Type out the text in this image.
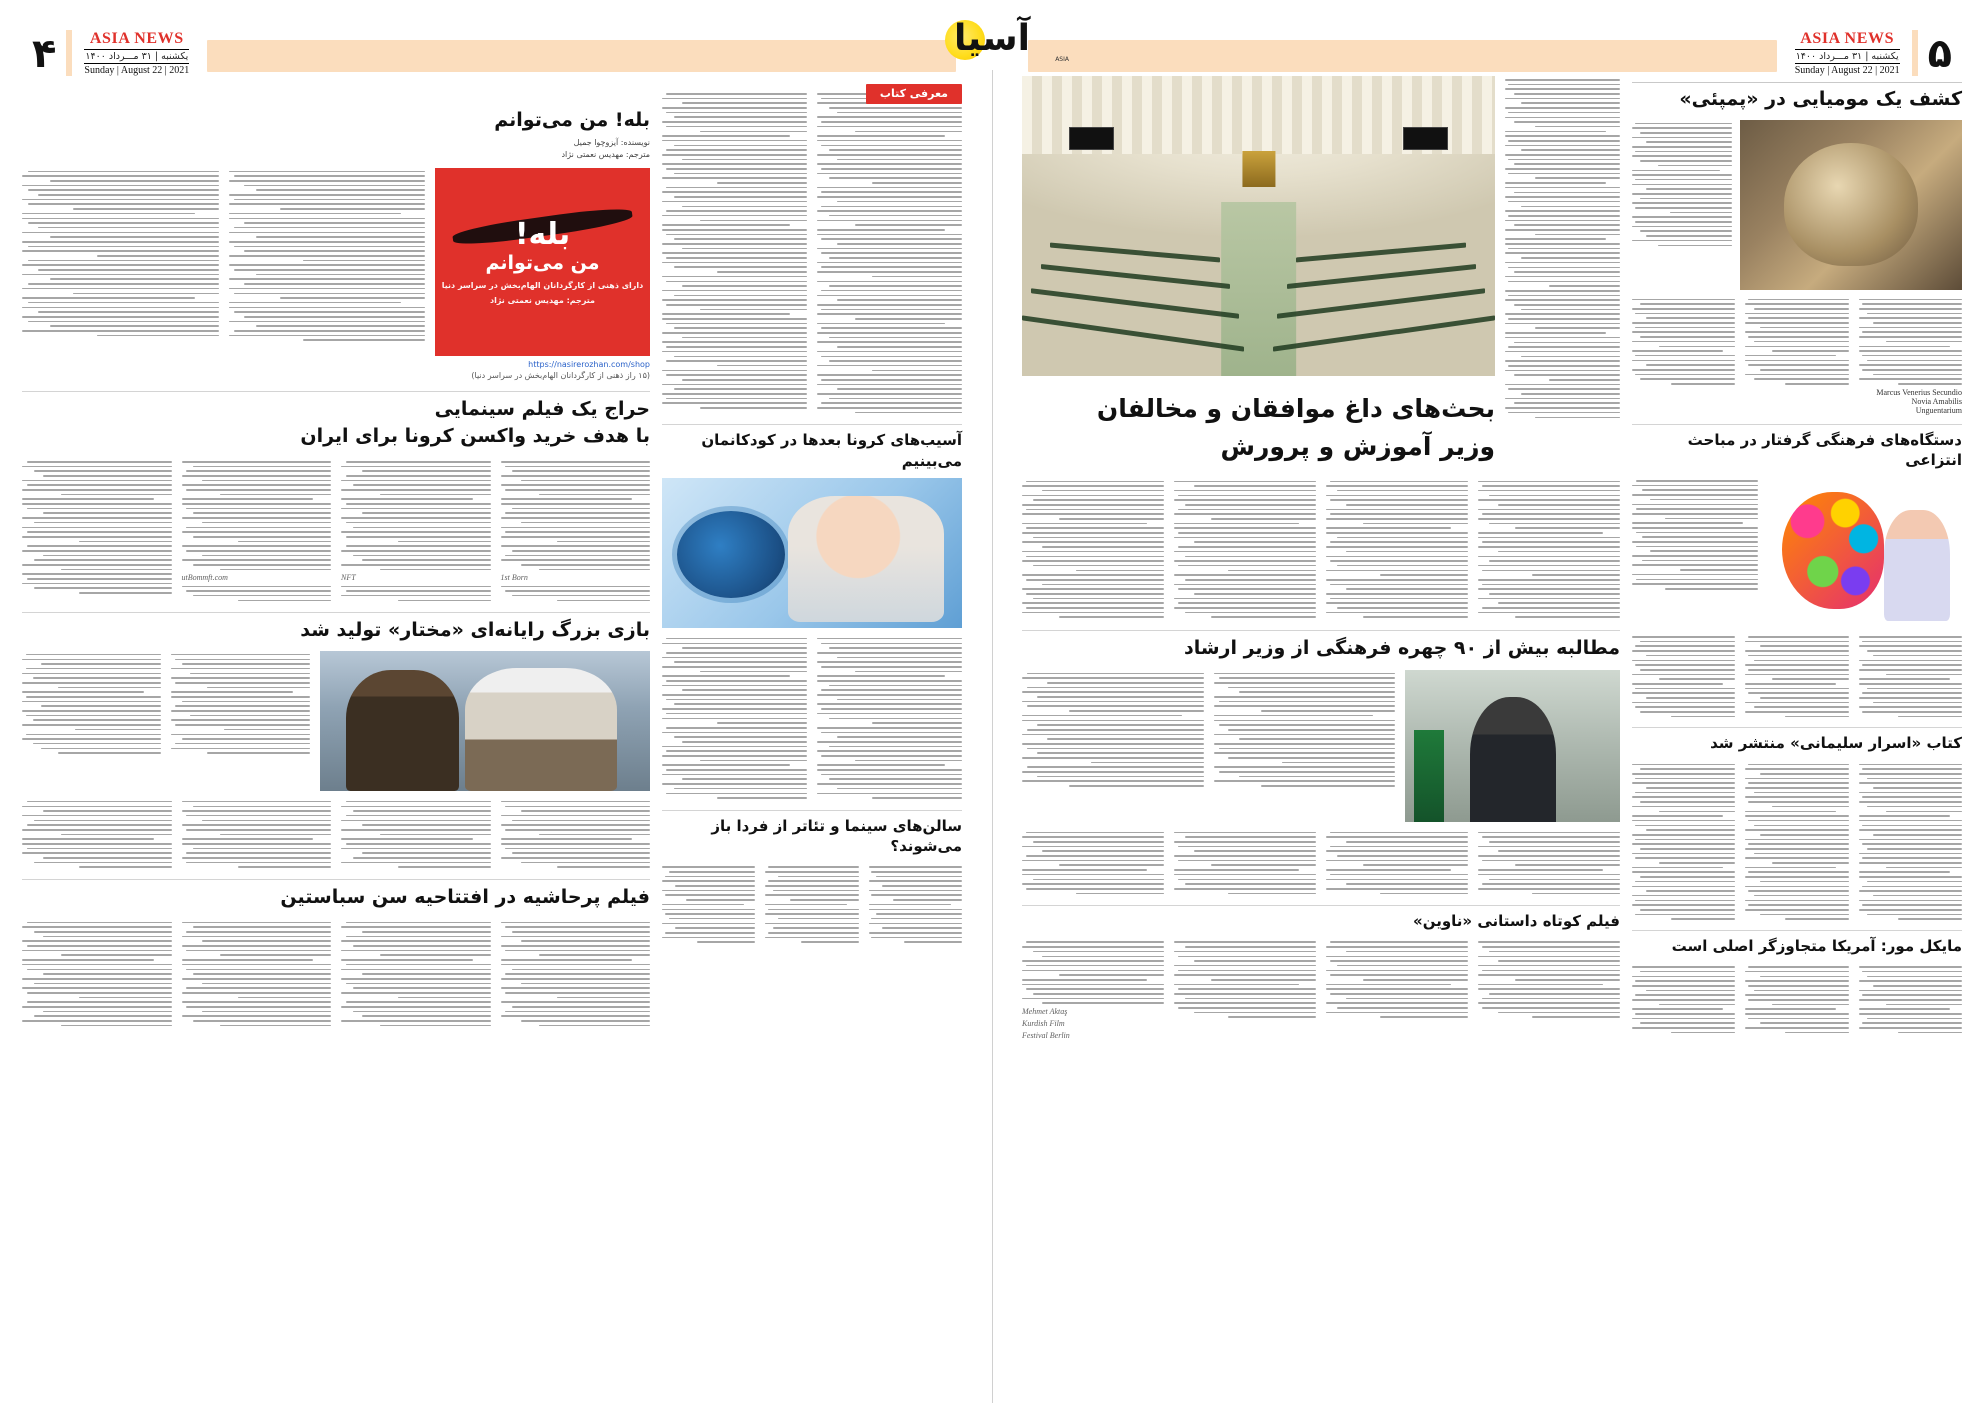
۵
ASIA NEWS
یکشنبه | ۳۱ مـــرداد ۱۴۰۰
Sunday | August 22 | 2021
کشف یک مومیایی در «پمپئی»
Marcus Venerius Secundio
Novia Amabilis
Unguentarium
دستگاه‌های فرهنگی گرفتار در مباحث انتزاعی
کتاب «اسرار سلیمانی» منتشر شد
مایکل مور: آمریکا متجاوزگر اصلی است
بحث‌های داغ موافقان و مخالفان
وزیر آموزش و پرورش
مطالبه بیش از ۹۰ چهره فرهنگی از وزیر ارشاد
فیلم کوتاه داستانی «ناوین»
Mehmet Aktaş
Kurdish Film
Festival Berlin
۴	ASIA NEWS
یکشنبه | ۳۱ مـــرداد ۱۴۰۰
Sunday | August 22 | 2021
معرفی کتاب
آسیب‌های کرونا بعدها در کودکانمان می‌بینیم
سالن‌های سینما و تئاتر از فردا باز می‌شوند؟
بله! من می‌توانم
نویسنده: آیزوچوا جمیل
مترجم: مهدیس نعمتی نژاد
بله!
من می‌توانم
دارای ذهنی از کارگردانان الهام‌بخش در سراسر دنیا
مترجم: مهدیس نعمتی نژاد
https://nasirerozhan.com/shop
(۱۵ راز ذهنی از کارگردانان الهام‌بخش در سراسر دنیا)
حراج یک فیلم سینمایی
با هدف خرید واکسن کرونا برای ایران
1st Born
NFT
utBommft.com
بازی بزرگ رایانه‌ای «مختار» تولید شد
فیلم پرحاشیه در افتتاحیه سن سباستین
آسیا
ASIA
